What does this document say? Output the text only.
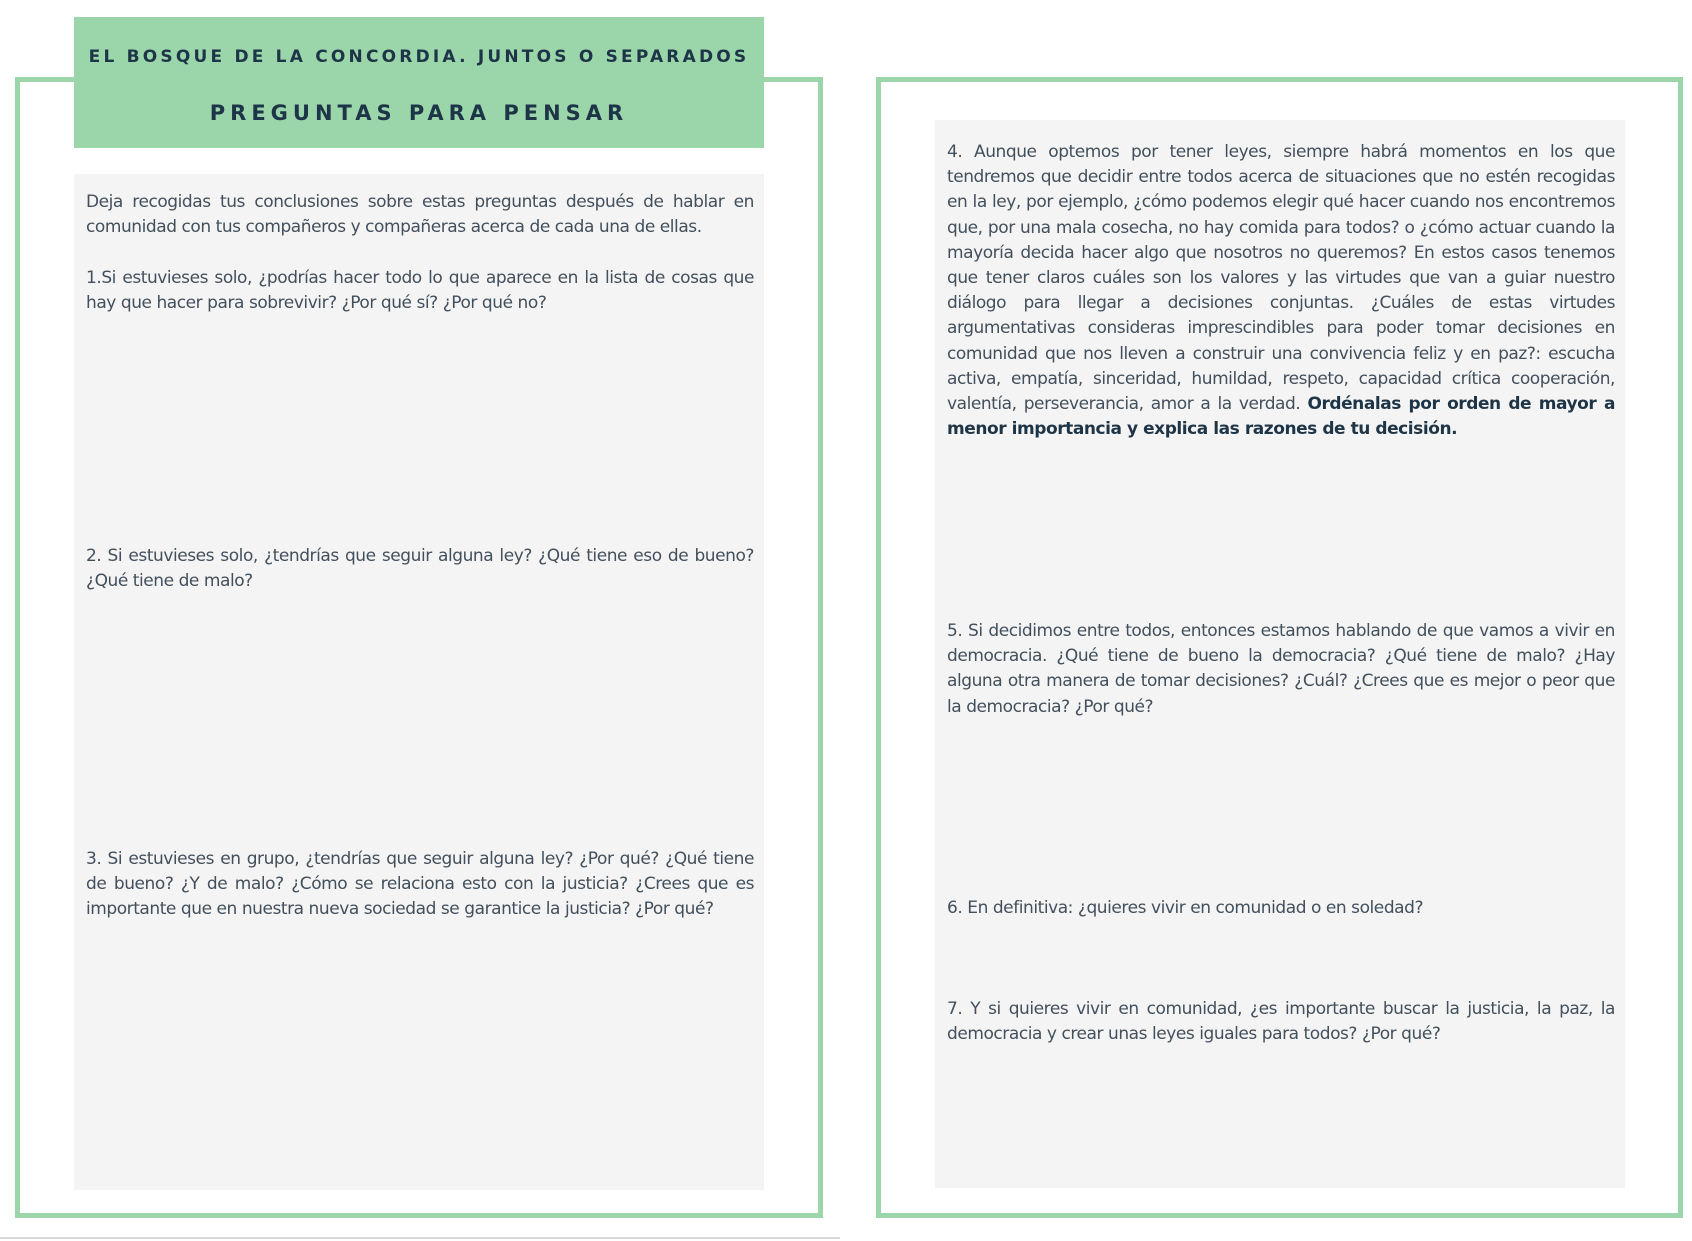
EL BOSQUE DE LA CONCORDIA. JUNTOS O SEPARADOS
PREGUNTAS PARA PENSAR

Deja recogidas tus conclusiones sobre estas preguntas después de hablar en comunidad con tus compañeros y compañeras acerca de cada una de ellas.

1.Si estuvieses solo, ¿podrías hacer todo lo que aparece en la lista de cosas que hay que hacer para sobrevivir? ¿Por qué sí? ¿Por qué no?

2. Si estuvieses solo, ¿tendrías que seguir alguna ley? ¿Qué tiene eso de bueno? ¿Qué tiene de malo?

3. Si estuvieses en grupo, ¿tendrías que seguir alguna ley? ¿Por qué? ¿Qué tiene de bueno? ¿Y de malo? ¿Cómo se relaciona esto con la justicia? ¿Crees que es importante que en nuestra nueva sociedad se garantice la justicia? ¿Por qué?

4. Aunque optemos por tener leyes, siempre habrá momentos en los que tendremos que decidir entre todos acerca de situaciones que no estén recogidas en la ley, por ejemplo, ¿cómo podemos elegir qué hacer cuando nos encontremos que, por una mala cosecha, no hay comida para todos? o ¿cómo actuar cuando la mayoría decida hacer algo que nosotros no queremos? En estos casos tenemos que tener claros cuáles son los valores y las virtudes que van a guiar nuestro diálogo para llegar a decisiones conjuntas. ¿Cuáles de estas virtudes argumentativas consideras imprescindibles para poder tomar decisiones en comunidad que nos lleven a construir una convivencia feliz y en paz?: escucha activa, empatía, sinceridad, humildad, respeto, capacidad crítica cooperación, valentía, perseverancia, amor a la verdad. Ordénalas por orden de mayor a menor importancia y explica las razones de tu decisión.

5. Si decidimos entre todos, entonces estamos hablando de que vamos a vivir en democracia. ¿Qué tiene de bueno la democracia? ¿Qué tiene de malo? ¿Hay alguna otra manera de tomar decisiones? ¿Cuál? ¿Crees que es mejor o peor que la democracia? ¿Por qué?

6. En definitiva: ¿quieres vivir en comunidad o en soledad?

7. Y si quieres vivir en comunidad, ¿es importante buscar la justicia, la paz, la democracia y crear unas leyes iguales para todos? ¿Por qué?
